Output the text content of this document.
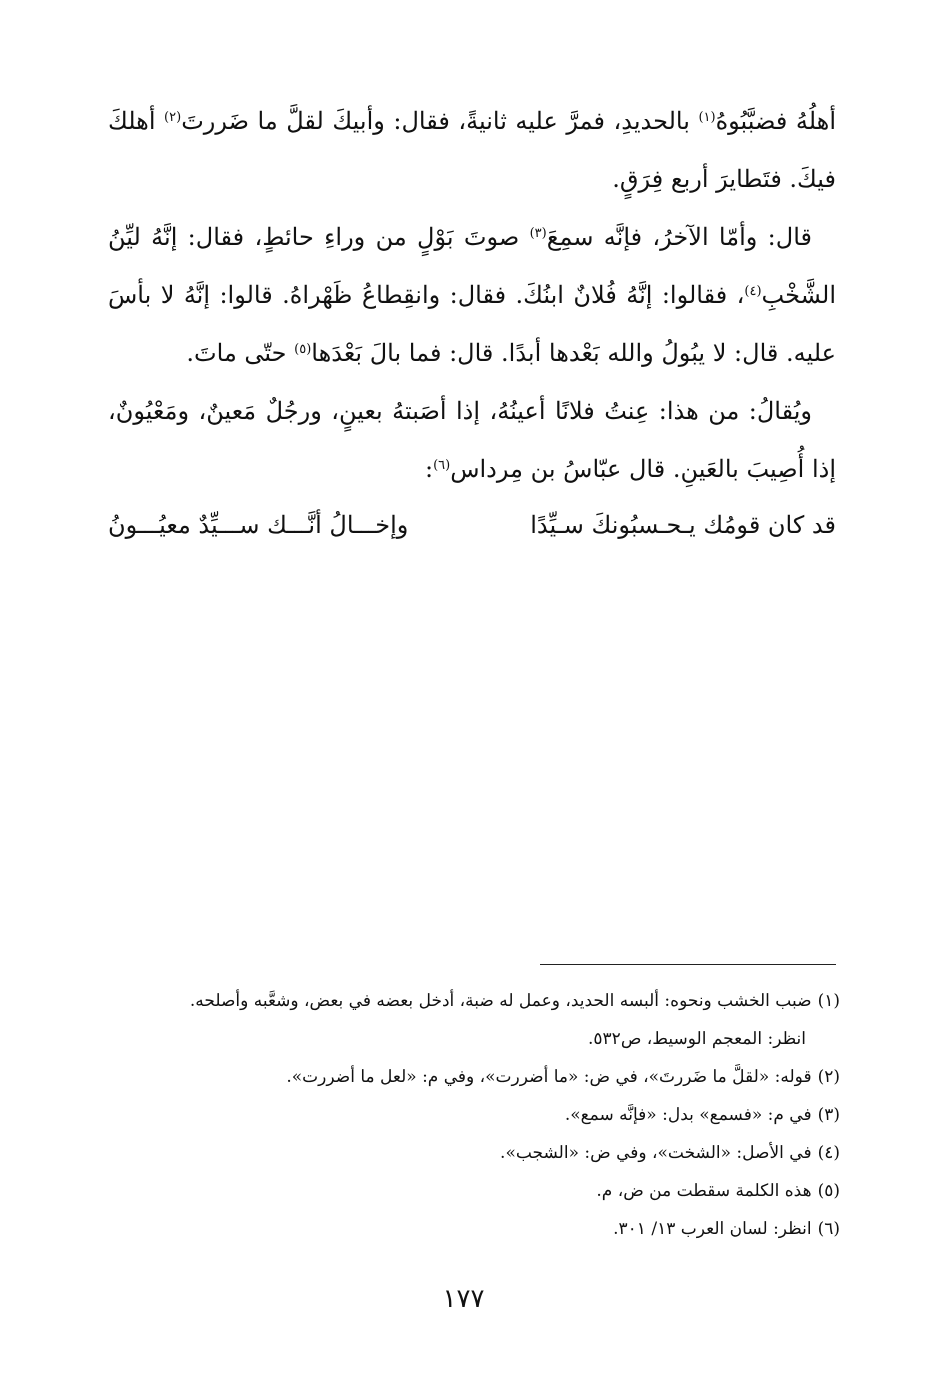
أهلُهُ فضبَّبُوهُ$^{(١)}$ بالحديدِ، فمرَّ عليه ثانيةً، فقال: وأبيكَ لقلَّ ما ضَررتَ$^{(٢)}$ أهلكَ فيكَ. فتَطايرَ أربع فِرَقٍ.

قال: وأمّا الآخرُ، فإنَّه سمِعَ$^{(٣)}$ صوتَ بَوْلٍ من وراءِ حائطٍ، فقال: إنَّهُ ليِّنُ الشَّخْبِ$^{(٤)}$، فقالوا: إنَّهُ فُلانٌ ابنُكَ. فقال: وانقِطاعُ ظَهْراهُ. قالوا: إنَّهُ لا بأسَ عليه. قال: لا يبُولُ والله بَعْدها أبدًا. قال: فما بالَ بَعْدَها$^{(٥)}$ حتّى ماتَ.

ويُقالُ: من هذا: عِنتُ فلانًا أعينُهُ، إذا أصَبتهُ بعينٍ، ورجُلٌ مَعينٌ، ومَعْيُونٌ، إذا أُصِيبَ بالعَينِ. قال عبّاسُ بن مِرداس$^{(٦)}$:

قد كان قومُك يـحـسبُونكَ سـيِّدًا
وإخـــالُ أنَّـــك ســـيِّدٌ معيُـــونُ

(١)ضبب الخشب ونحوه: ألبسه الحديد، وعمل له ضبة، أدخل بعضه في بعض، وشعَّبه وأصلحه.

انظر: المعجم الوسيط، ص٥٣٢.

(٢)قوله: «لقلَّ ما ضَررتَ»، في ض: «ما أضررت»، وفي م: «لعل ما أضررت».

(٣)في م: «فسمع» بدل: «فإنَّه سمع».

(٤)في الأصل: «الشخت»، وفي ض: «الشجب».

(٥)هذه الكلمة سقطت من ض، م.

(٦)انظر: لسان العرب ١٣/ ٣٠١.

١٧٧
